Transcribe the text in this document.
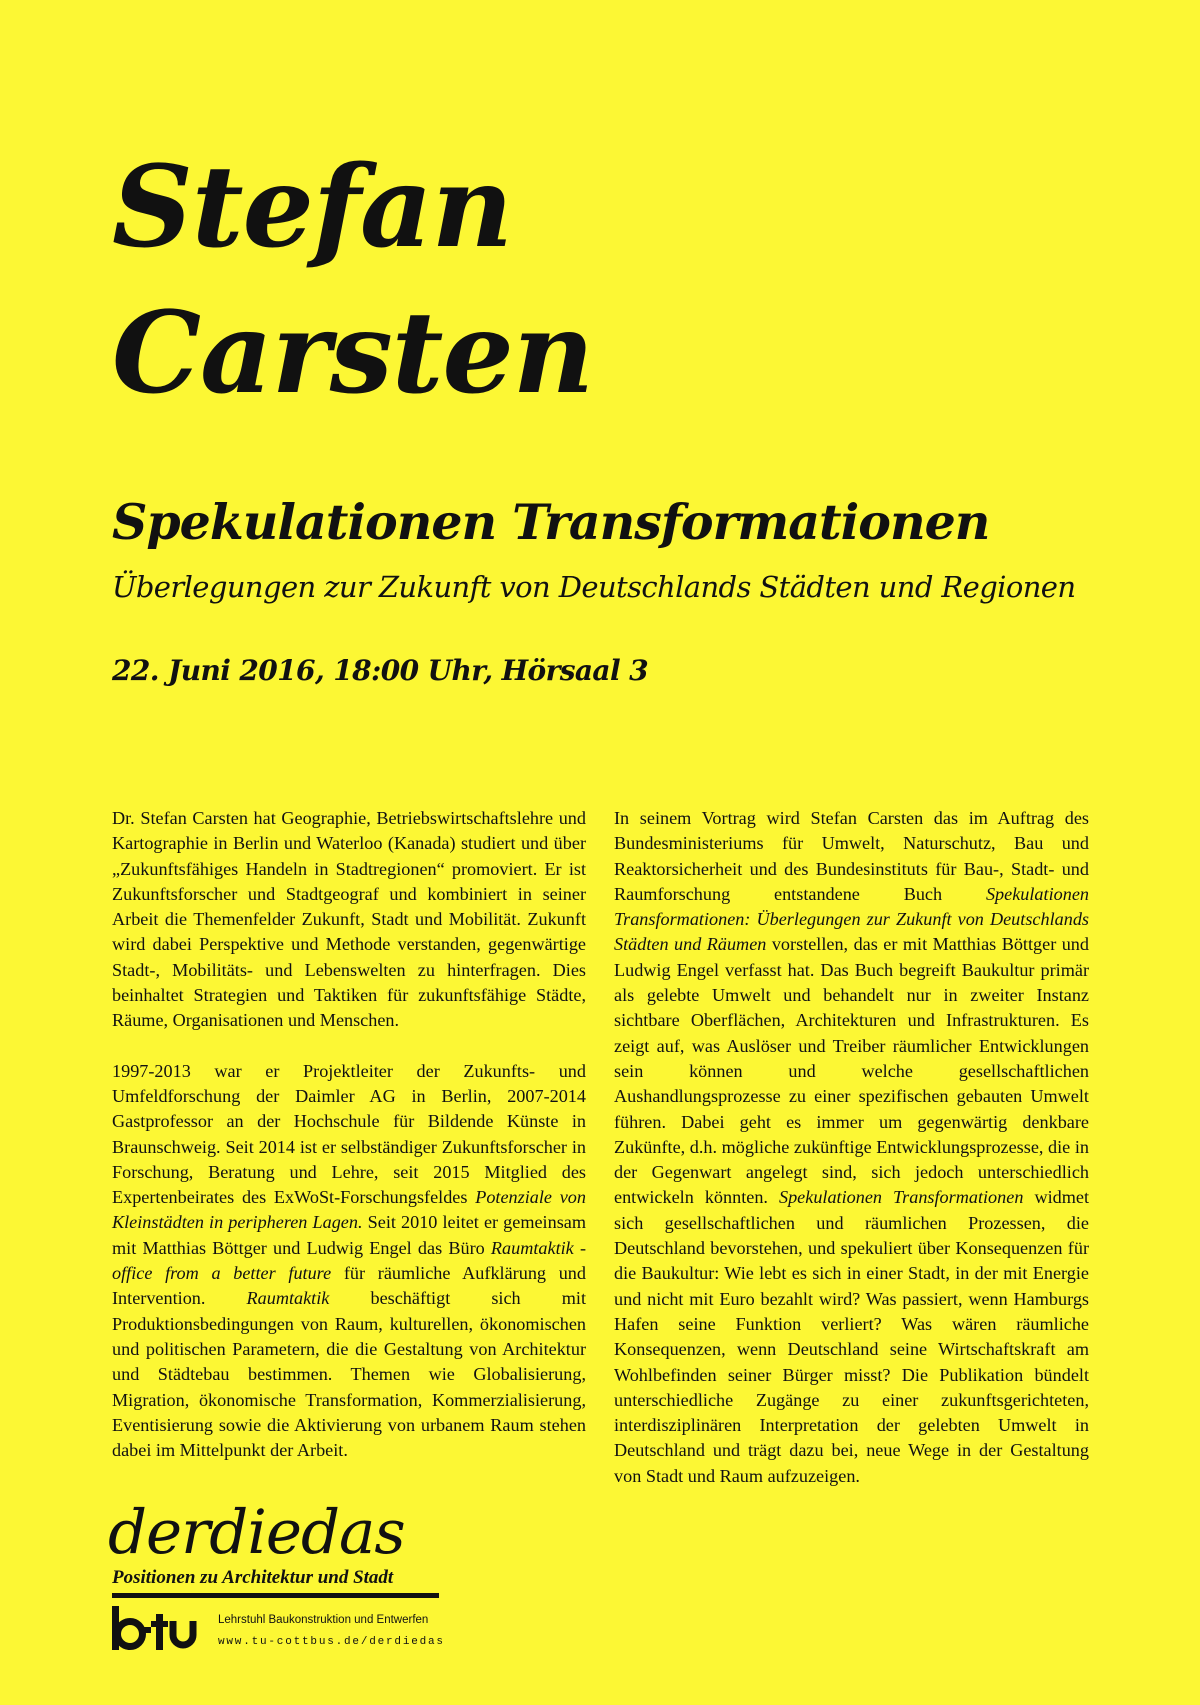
Stefan
Carsten
Spekulationen Transformationen

Überlegungen zur Zukunft von Deutschlands Städten und Regionen

22. Juni 2016, 18:00 Uhr, Hörsaal 3

Dr. Stefan Carsten hat Geographie, Betriebswirtschaftslehre und Kartographie in Berlin und Waterloo (Kanada) studiert und über „Zukunftsfähiges Handeln in Stadtregionen“ promoviert. Er ist Zukunftsforscher und Stadtgeograf und kombiniert in seiner Arbeit die Themenfelder Zukunft, Stadt und Mobilität. Zukunft wird dabei Perspektive und Methode verstanden, gegenwärtige Stadt-, Mobilitäts- und Lebenswelten zu hinterfragen. Dies beinhaltet Strategien und Taktiken für zukunftsfähige Städte, Räume, Organisationen und Menschen.

1997-2013 war er Projektleiter der Zukunfts- und Umfeldforschung der Daimler AG in Berlin, 2007-2014 Gastprofessor an der Hochschule für Bildende Künste in Braunschweig. Seit 2014 ist er selbständiger Zukunftsforscher in Forschung, Beratung und Lehre, seit 2015 Mitglied des Expertenbeirates des ExWoSt-Forschungsfeldes Potenziale von Kleinstädten in peripheren Lagen. Seit 2010 leitet er gemeinsam mit Matthias Böttger und Ludwig Engel das Büro Raumtaktik - office from a better future für räumliche Aufklärung und Intervention. Raumtaktik beschäftigt sich mit Produktionsbedingungen von Raum, kulturellen, ökonomischen und politischen Parametern, die die Gestaltung von Architektur und Städtebau bestimmen. Themen wie Globalisierung, Migration, ökonomische Transformation, Kommerzialisierung, Eventisierung sowie die Aktivierung von urbanem Raum stehen dabei im Mittelpunkt der Arbeit.

In seinem Vortrag wird Stefan Carsten das im Auftrag des Bundesministeriums für Umwelt, Naturschutz, Bau und Reaktorsicherheit und des Bundesinstituts für Bau-, Stadt- und Raumforschung entstandene Buch Spekulationen Transformationen: Überlegungen zur Zukunft von Deutschlands Städten und Räumen vorstellen, das er mit Matthias Böttger und Ludwig Engel verfasst hat. Das Buch begreift Baukultur primär als gelebte Umwelt und behandelt nur in zweiter Instanz sichtbare Oberflächen, Architekturen und Infrastrukturen. Es zeigt auf, was Auslöser und Treiber räumlicher Entwicklungen sein können und welche gesellschaftlichen Aushandlungsprozesse zu einer spezifischen gebauten Umwelt führen. Dabei geht es immer um gegenwärtig denkbare Zukünfte, d.h. mögliche zukünftige Entwicklungsprozesse, die in der Gegenwart angelegt sind, sich jedoch unterschiedlich entwickeln könnten. Spekulationen Transformationen widmet sich gesellschaftlichen und räumlichen Prozessen, die Deutschland bevorstehen, und spekuliert über Konsequenzen für die Baukultur: Wie lebt es sich in einer Stadt, in der mit Energie und nicht mit Euro bezahlt wird? Was passiert, wenn Hamburgs Hafen seine Funktion verliert? Was wären räumliche Konsequenzen, wenn Deutschland seine Wirtschaftskraft am Wohlbefinden seiner Bürger misst? Die Publikation bündelt unterschiedliche Zugänge zu einer zukunftsgerichteten, interdisziplinären Interpretation der gelebten Umwelt in Deutschland und trägt dazu bei, neue Wege in der Gestaltung von Stadt und Raum aufzuzeigen.

derdiedas

Positionen zu Architektur und Stadt

Lehrstuhl Baukonstruktion und Entwerfen

www.tu-cottbus.de/derdiedas
